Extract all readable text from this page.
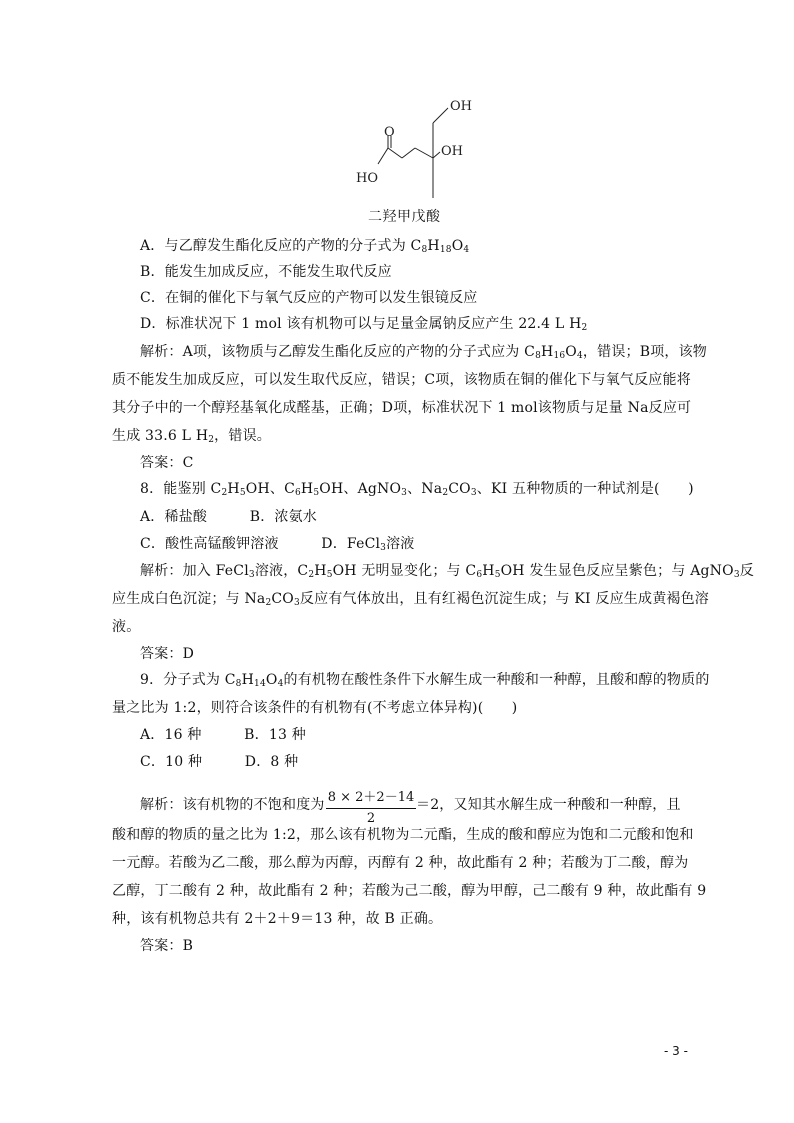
OH
O
OH
HO
二羟甲戊酸
A．与乙醇发生酯化反应的产物的分子式为 $C_8H_{18}O_4$
B．能发生加成反应，不能发生取代反应
C．在铜的催化下与氧气反应的产物可以发生银镜反应
D．标准状况下 1 mol 该有机物可以与足量金属钠反应产生 22.4 L $H_2$
解析：A项，该物质与乙醇发生酯化反应的产物的分子式应为 $C_8H_{16}O_4$，错误；B项，该物
质不能发生加成反应，可以发生取代反应，错误；C项，该物质在铜的催化下与氧气反应能将
其分子中的一个醇羟基氧化成醛基，正确；D项，标准状况下 1 mol该物质与足量 Na反应可
生成 33.6 L $H_2$，错误。
答案：C
8．能鉴别 $C_2H_5OH$、$C_6H_5OH$、AgNO$_3$、$Na_2CO_3$、KI 五种物质的一种试剂是(　　)
A．稀盐酸　　　B．浓氨水
C．酸性高锰酸钾溶液　　　D．FeCl$_3$溶液
解析：加入 FeCl$_3$溶液，$C_2H_5OH$ 无明显变化；与 $C_6H_5OH$ 发生显色反应呈紫色；与 AgNO$_3$反
应生成白色沉淀；与 $Na_2CO_3$反应有气体放出，且有红褐色沉淀生成；与 KI 反应生成黄褐色溶
液。
答案：D
9．分子式为 $C_8H_{14}O_4$的有机物在酸性条件下水解生成一种酸和一种醇，且酸和醇的物质的
量之比为 1:2，则符合该条件的有机物有(不考虑立体异构)(　　)
A．16 种　　　B．13 种
C．10 种　　　D．8 种
解析：该有机物的不饱和度为 8 × 2＋2－14
2
＝2，又知其水解生成一种酸和一种醇，且
酸和醇的物质的量之比为 1:2，那么该有机物为二元酯，生成的酸和醇应为饱和二元酸和饱和
一元醇。若酸为乙二酸，那么醇为丙醇，丙醇有 2 种，故此酯有 2 种；若酸为丁二酸，醇为
乙醇，丁二酸有 2 种，故此酯有 2 种；若酸为己二酸，醇为甲醇，己二酸有 9 种，故此酯有 9
种，该有机物总共有 2＋2＋9＝13 种，故 B 正确。
答案：B
- 3 -
